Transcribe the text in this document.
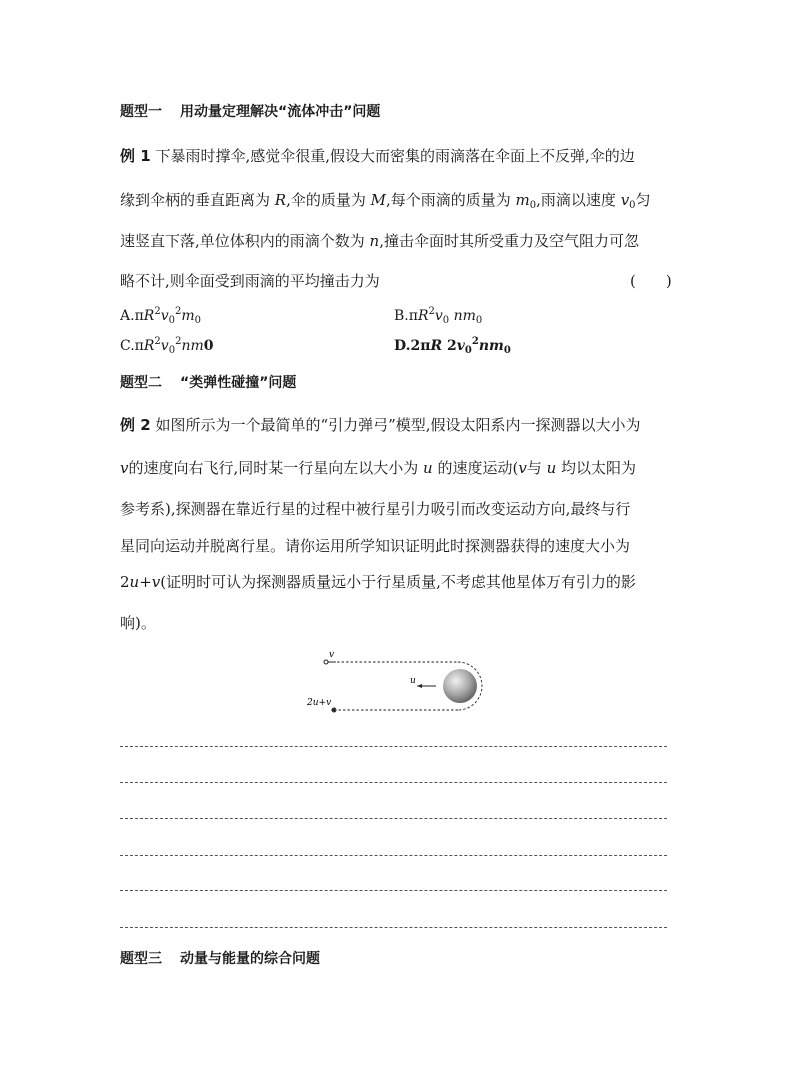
题型一 用动量定理解决“流体冲击”问题
例 1 下暴雨时撑伞,感觉伞很重,假设大而密集的雨滴落在伞面上不反弹,伞的边
缘到伞柄的垂直距离为 R,伞的质量为 M,每个雨滴的质量为 $m_0$,雨滴以速度 $v_0$匀
速竖直下落,单位体积内的雨滴个数为 n,撞击伞面时其所受重力及空气阻力可忽
略不计,则伞面受到雨滴的平均撞击力为	(　　)
$A.\pi R^2v_0^2m_0$	$B.\pi R^2v_0$ $nm_0$
$C.\pi R^2v_0^2nm0$	D.2πR $2v_0^2nm_0$
题型二 “类弹性碰撞”问题
例 2 如图所示为一个最简单的“引力弹弓”模型,假设太阳系内一探测器以大小为
v的速度向右飞行,同时某一行星向左以大小为 u 的速度运动(v与 u 均以太阳为
参考系),探测器在靠近行星的过程中被行星引力吸引而改变运动方向,最终与行
星同向运动并脱离行星。请你运用所学知识证明此时探测器获得的速度大小为
2u+v(证明时可认为探测器质量远小于行星质量,不考虑其他星体万有引力的影
响)。
v
u
2u+v
题型三 动量与能量的综合问题
